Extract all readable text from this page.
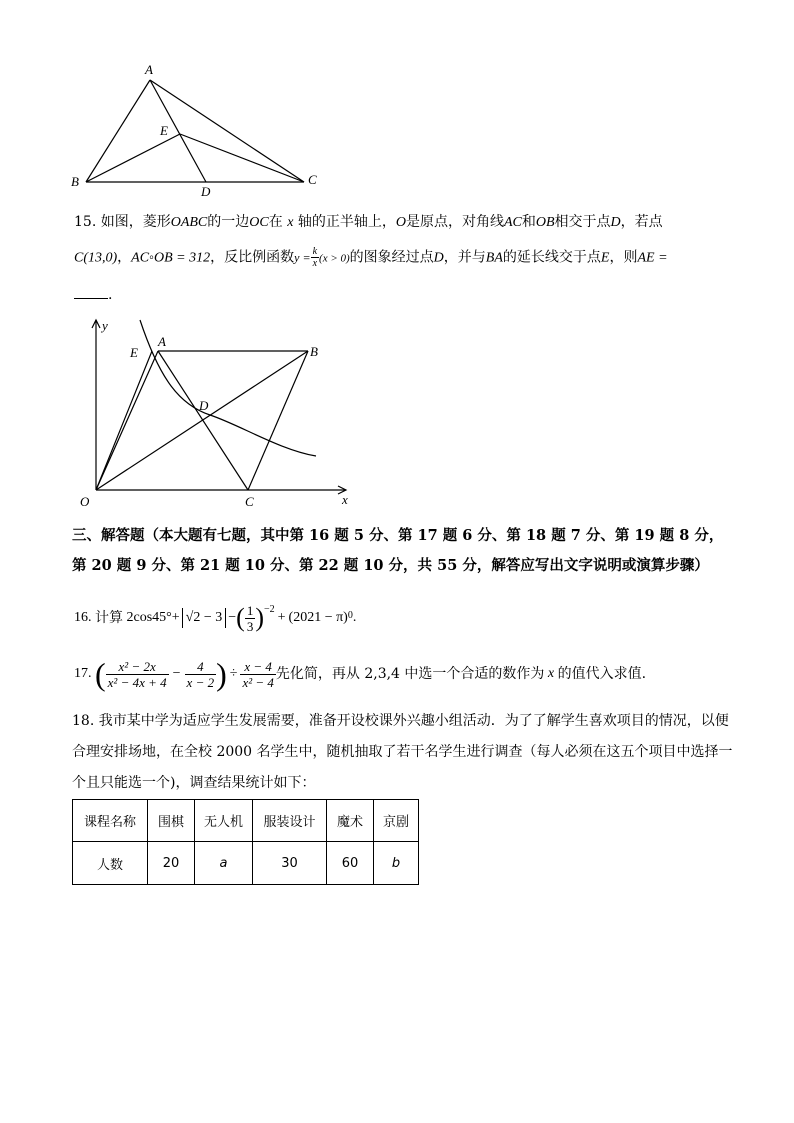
A
B	C
D
E
15. 如图，菱形OABC的一边OC在 x 轴的正半轴上，O是原点，对角线AC和OB相交于点D，若点
C(13,0)，AC◦OB = 312，反比例函数$y = \frac{k}{x} (x > 0)$的图象经过点D，并与BA的延长线交于点E，则AE =
.
y
x
O	C
A
B
D
E
三、解答题（本大题有七题，其中第 16 题 5 分、第 17 题 6 分、第 18 题 7 分、第 19 题 8 分，
第 20 题 9 分、第 21 题 10 分、第 22 题 10 分，共 55 分，解答应写出文字说明或演算步骤）
16.
计算
2cos45°+ √2 − 3 − ( $\frac{1}{3} )^{-2}$
+ (2021 − π) 0 .
17.
( $\frac{\text{x² − 2x}}{\text{x² − 4x + 4}} - \frac{4}{x - 2}$ ) ÷ $\frac{x - 4}{\text{x² − 4}}$ 先化简，再从 2,3,4 中选一个合适的数作为
x
的值代入求值.
18. 我市某中学为适应学生发展需要，准备开设校课外兴趣小组活动．为了了解学生喜欢项目的情况，以便
合理安排场地，在全校 2000 名学生中，随机抽取了若干名学生进行调查（每人必须在这五个项目中选择一
个且只能选一个)，调查结果统计如下：
课程名称	围棋	无人机	服装设计	魔术	京剧
人数	20	a	30	60	b
